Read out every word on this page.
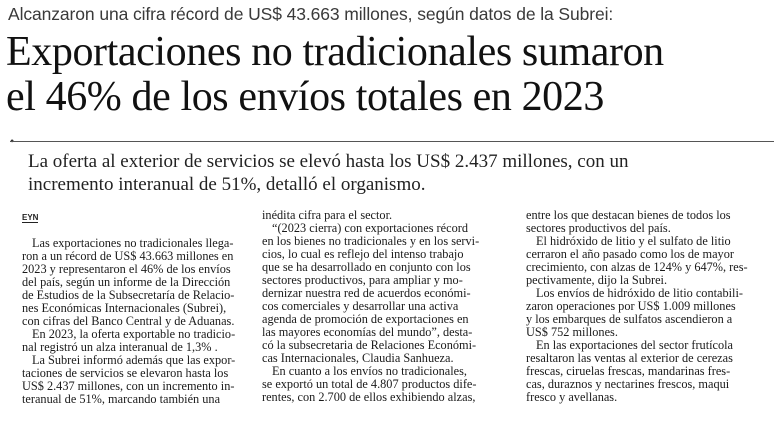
Alcanzaron una cifra récord de US$ 43.663 millones, según datos de la Subrei:
Exportaciones no tradicionales sumaron
el 46% de los envíos totales en 2023
•

La oferta al exterior de servicios se elevó hasta los US$ 2.437 millones, con un
incremento interanual de 51%, detalló el organismo.

EYN

Las exportaciones no tradicionales llega-
ron a un récord de US$ 43.663 millones en
2023 y representaron el 46% de los envíos
del país, según un informe de la Dirección
de Estudios de la Subsecretaría de Relacio-
nes Económicas Internacionales (Subrei),
con cifras del Banco Central y de Aduanas.

En 2023, la oferta exportable no tradicio-
nal registró un alza interanual de 1,3% .

La Subrei informó además que las expor-
taciones de servicios se elevaron hasta los
US$ 2.437 millones, con un incremento in-
teranual de 51%, marcando también una

inédita cifra para el sector.

“(2023 cierra) con exportaciones récord
en los bienes no tradicionales y en los servi-
cios, lo cual es reflejo del intenso trabajo
que se ha desarrollado en conjunto con los
sectores productivos, para ampliar y mo-
dernizar nuestra red de acuerdos económi-
cos comerciales y desarrollar una activa
agenda de promoción de exportaciones en
las mayores economías del mundo”, desta-
có la subsecretaria de Relaciones Económi-
cas Internacionales, Claudia Sanhueza.

En cuanto a los envíos no tradicionales,
se exportó un total de 4.807 productos dife-
rentes, con 2.700 de ellos exhibiendo alzas,

entre los que destacan bienes de todos los
sectores productivos del país.

El hidróxido de litio y el sulfato de litio
cerraron el año pasado como los de mayor
crecimiento, con alzas de 124% y 647%, res-
pectivamente, dijo la Subrei.

Los envíos de hidróxido de litio contabili-
zaron operaciones por US$ 1.009 millones
y los embarques de sulfatos ascendieron a
US$ 752 millones.

En las exportaciones del sector frutícola
resaltaron las ventas al exterior de cerezas
frescas, ciruelas frescas, mandarinas fres-
cas, duraznos y nectarines frescos, maqui
fresco y avellanas.
